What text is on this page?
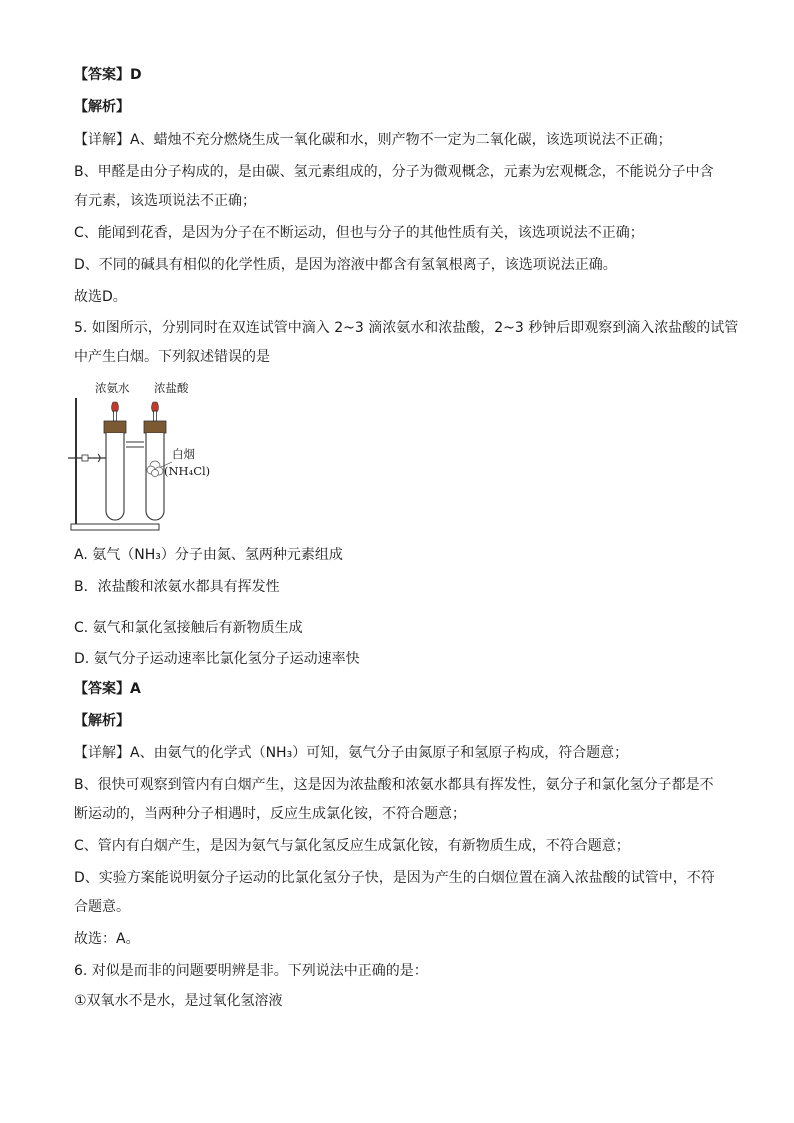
【答案】D
【解析】
【详解】A、蜡烛不充分燃烧生成一氧化碳和水，则产物不一定为二氧化碳，该选项说法不正确；
B、甲醛是由分子构成的，是由碳、氢元素组成的，分子为微观概念，元素为宏观概念，不能说分子中含
有元素，该选项说法不正确；
C、能闻到花香，是因为分子在不断运动，但也与分子的其他性质有关，该选项说法不正确；
D、不同的碱具有相似的化学性质，是因为溶液中都含有氢氧根离子，该选项说法正确。
故选D。
5. 如图所示，分别同时在双连试管中滴入 2~3 滴浓氨水和浓盐酸，2~3 秒钟后即观察到滴入浓盐酸的试管
中产生白烟。下列叙述错误的是
浓氨水 浓盐酸
白烟
(NH₄Cl)
A. 氨气（NH₃）分子由氮、氢两种元素组成
B．浓盐酸和浓氨水都具有挥发性
C. 氨气和氯化氢接触后有新物质生成
D. 氨气分子运动速率比氯化氢分子运动速率快
【答案】A
【解析】
【详解】A、由氨气的化学式（NH₃）可知，氨气分子由氮原子和氢原子构成，符合题意；
B、很快可观察到管内有白烟产生，这是因为浓盐酸和浓氨水都具有挥发性，氨分子和氯化氢分子都是不
断运动的，当两种分子相遇时，反应生成氯化铵，不符合题意；
C、管内有白烟产生，是因为氨气与氯化氢反应生成氯化铵，有新物质生成，不符合题意；
D、实验方案能说明氨分子运动的比氯化氢分子快，是因为产生的白烟位置在滴入浓盐酸的试管中，不符
合题意。
故选：A。
6. 对似是而非的问题要明辨是非。下列说法中正确的是：
①双氧水不是水，是过氧化氢溶液
